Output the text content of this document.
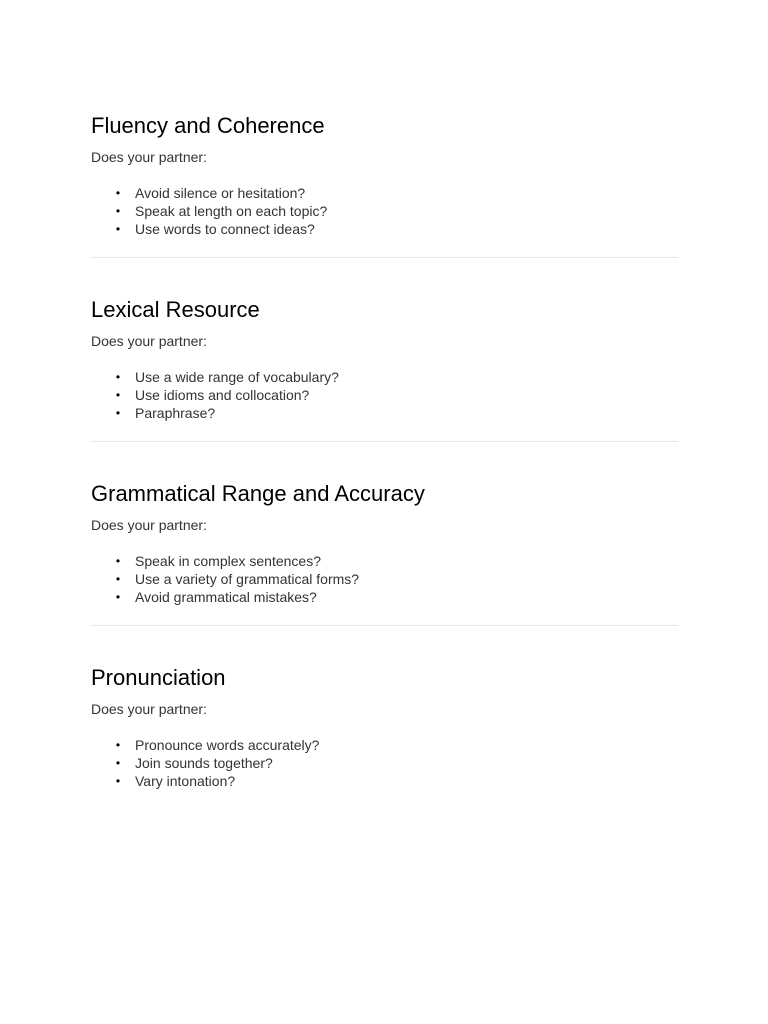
Fluency and Coherence

Does your partner:

• Avoid silence or hesitation?
• Speak at length on each topic?
• Use words to connect ideas?
Lexical Resource

Does your partner:

• Use a wide range of vocabulary?
• Use idioms and collocation?
• Paraphrase?
Grammatical Range and Accuracy

Does your partner:

• Speak in complex sentences?
• Use a variety of grammatical forms?
• Avoid grammatical mistakes?
Pronunciation

Does your partner:

• Pronounce words accurately?
• Join sounds together?
• Vary intonation?
